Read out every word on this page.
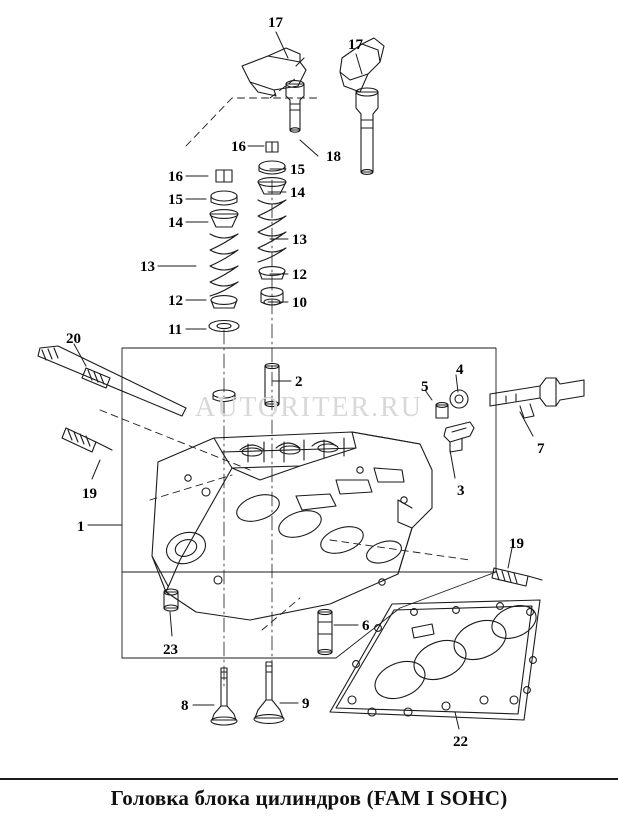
AUTORITER.RU
17
17
16
18
15
16
14
15
14
13
13	12
12	10
11
20
2
4
5
7
19	3
1
19
6
23
8	9
22
Головка блока цилиндров (FAM I SOHC)
